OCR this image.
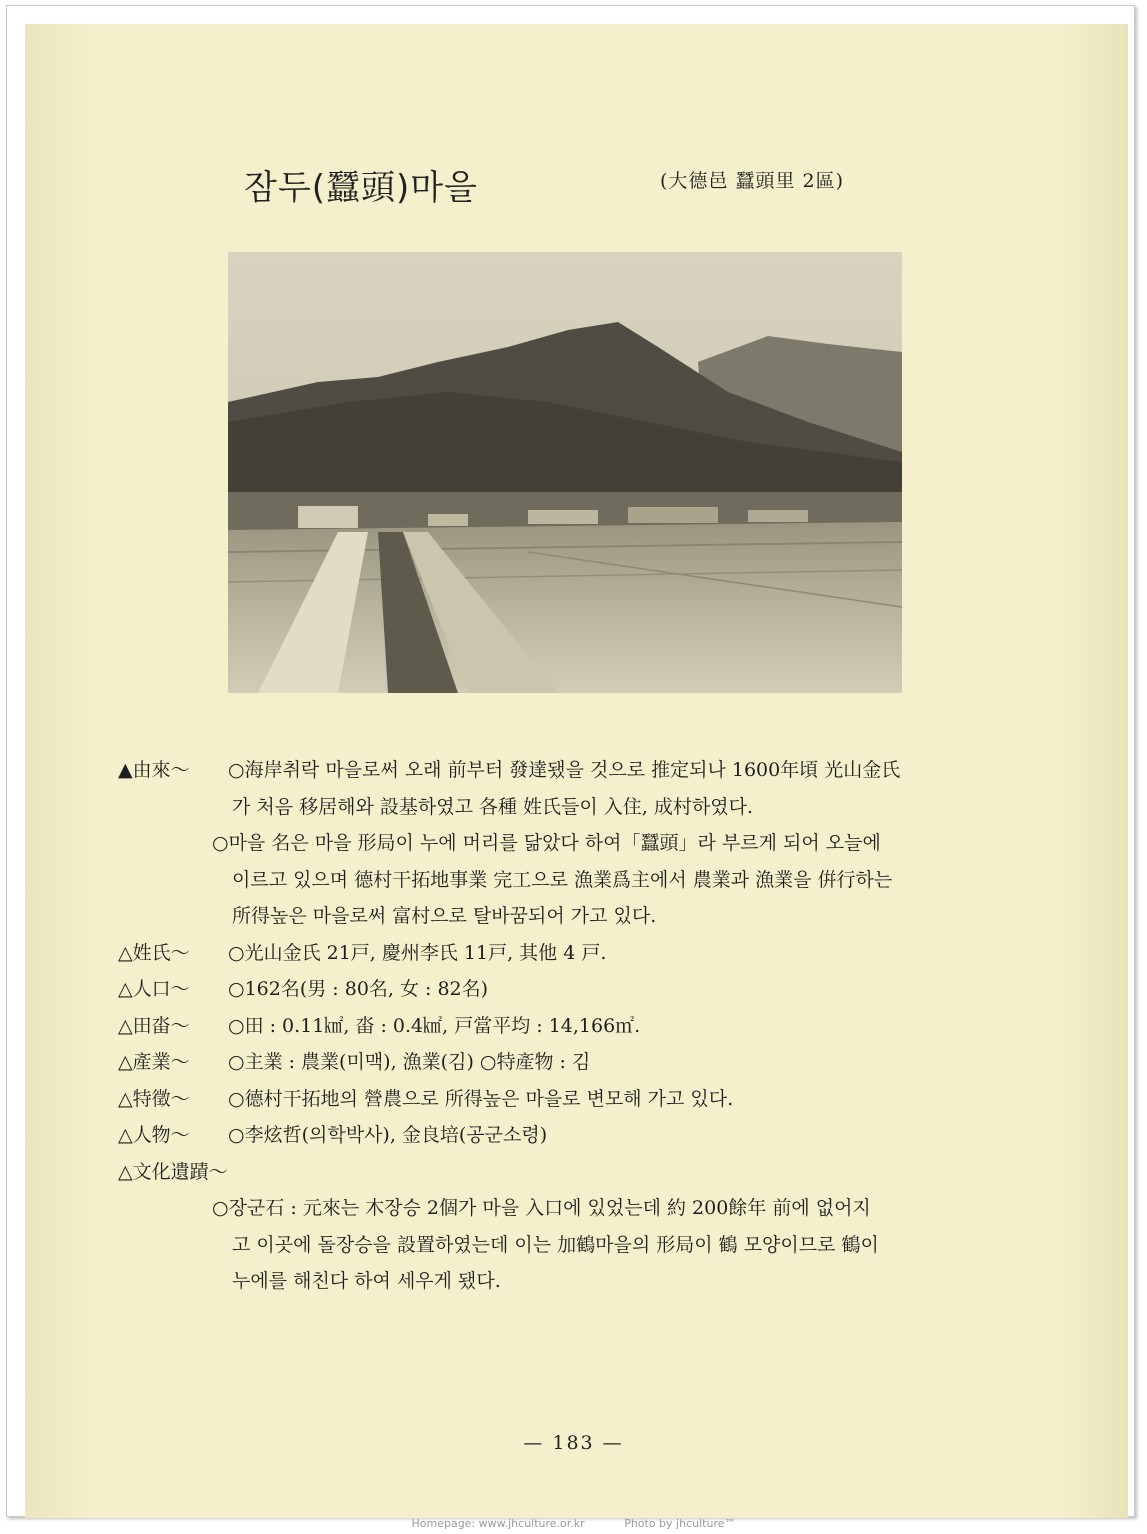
잠두(蠶頭)마을	(大德邑 蠶頭里 2區)
▲由來～	○海岸취락 마을로써 오래 前부터 發達됐을 것으로 推定되나 1600年頃 光山金氏
가 처음 移居해와 設基하였고 各種 姓氏들이 入住, 成村하였다.
○마을 名은 마을 形局이 누에 머리를 닮았다 하여「蠶頭」라 부르게 되어 오늘에
이르고 있으며 德村干拓地事業 完工으로 漁業爲主에서 農業과 漁業을 倂行하는
所得높은 마을로써 富村으로 탈바꿈되어 가고 있다.
△姓氏～	○光山金氏 21戸, 慶州李氏 11戸, 其他 4 戸.
△人口～	○162名(男 : 80名, 女 : 82名)
△田畓～	○田 : 0.11㎢, 畓 : 0.4㎢, 戸當平均 : 14,166㎡.
△產業～	○主業 : 農業(미맥), 漁業(김) ○特產物 : 김
△特徵～	○德村干拓地의 營農으로 所得높은 마을로 변모해 가고 있다.
△人物～	○李炫哲(의학박사), 金良培(공군소령)
△文化遺蹟～
○장군石 : 元來는 木장승 2個가 마을 入口에 있었는데 約 200餘年 前에 없어지
고 이곳에 돌장승을 設置하였는데 이는 加鶴마을의 形局이 鶴 모양이므로 鶴이
누에를 해친다 하여 세우게 됐다.
— 183 —
Homepage: www.jhculture.or.kr	Photo by jhculture™
